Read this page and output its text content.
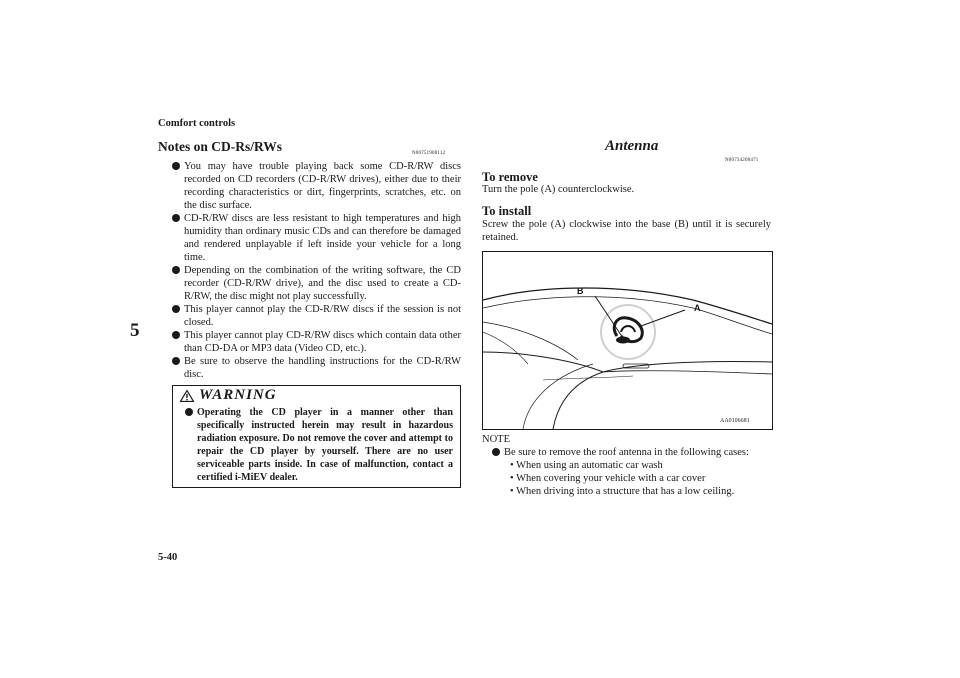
Comfort controls
5
5-40
Notes on CD-Rs/RWs	N00751900112
You may have trouble playing back some CD-R/RW discs recorded on CD recorders (CD-R/RW drives), either due to their recording characteristics or dirt, fingerprints, scratches, etc. on the disc surface.
CD-R/RW discs are less resistant to high temperatures and high humidity than ordinary music CDs and can therefore be damaged and rendered unplayable if left inside your vehicle for a long time.
Depending on the combination of the writing software, the CD recorder (CD-R/RW drive), and the disc used to create a CD-R/RW, the disc might not play successfully.
This player cannot play the CD-R/RW discs if the session is not closed.
This player cannot play CD-R/RW discs which contain data other than CD-DA or MP3 data (Video CD, etc.).
Be sure to observe the handling instructions for the CD-R/RW disc.
WARNING
Operating the CD player in a manner other than specifically instructed herein may result in hazardous radiation exposure. Do not remove the cover and attempt to repair the CD player by yourself. There are no user serviceable parts inside. In case of malfunction, contact a certified i-MiEV dealer.
Antenna
N00734200471
To remove
Turn the pole (A) counterclockwise.
To install
Screw the pole (A) clockwise into the base (B) until it is securely retained.
B
A
AA0106681
NOTE
Be sure to remove the roof antenna in the following cases:
• When using an automatic car wash
• When covering your vehicle with a car cover
• When driving into a structure that has a low ceiling.
